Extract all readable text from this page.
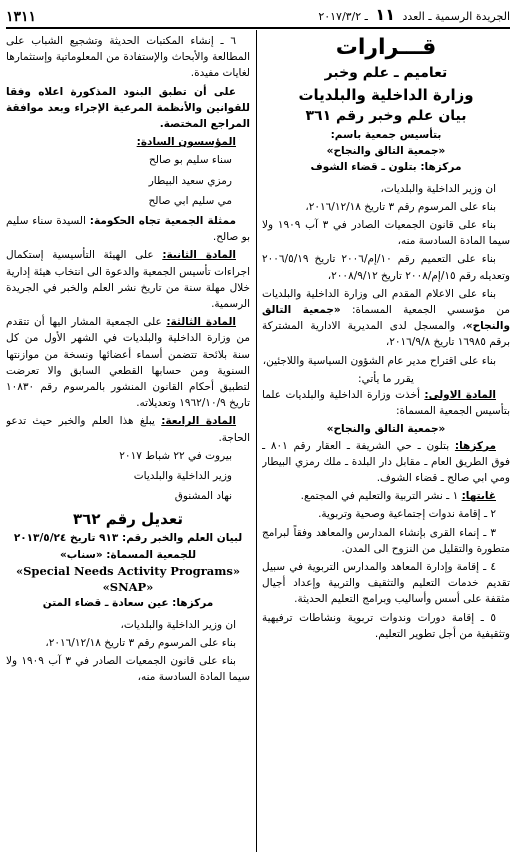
الجريدة الرسمية ـ العدد ١١ ـ ٢٠١٧/٣/٢
١٣١١
قـــرارات
تعاميم ـ علم وخبر
وزارة الداخلية والبلديات
بيان علم وخبر رقم ٣٦١
بتأسيس جمعية باسم:
«جمعية التالق والنجاح»
مركزها: بتلون ـ قضاء الشوف

ان وزير الداخلية والبلديات،

بناء على المرسوم رقم ٣ تاريخ ٢٠١٦/١٢/١٨،

بناء على قانون الجمعيات الصادر في ٣ آب ١٩٠٩ ولا سيما المادة السادسة منه،

بناء على التعميم رقم ١٠/إم/٢٠٠٦ تاريخ ٢٠٠٦/٥/١٩ وتعديله رقم ١٥/إم/٢٠٠٨ تاريخ ٢٠٠٨/٩/١٢،

بناء على الاعلام المقدم الى وزارة الداخلية والبلديات من مؤسسي الجمعية المسماة: «جمعية التالق والنجاح»، والمسجل لدى المديرية الادارية المشتركة برقم ١٦٩٨٥ تاريخ ٢٠١٦/٩/٨،

بناء على اقتراح مدير عام الشؤون السياسية واللاجئين،

يقرر ما يأتي:

المادة الاولى: أخذت وزارة الداخلية والبلديات علما بتأسيس الجمعية المسماة:

«جمعية التالق والنجاح»

مركزها: بتلون ـ حي الشريفة ـ العقار رقم ٨٠١ ـ فوق الطريق العام ـ مقابل دار البلدة ـ ملك رمزي البيطار ومي ابي صالح ـ قضاء الشوف.

غايتها: ١ ـ نشر التربية والتعليم في المجتمع.

٢ ـ إقامة ندوات إجتماعية وصحية وتربوية.

٣ ـ إنماء القرى بإنشاء المدارس والمعاهد وفقاً لبرامج متطورة والتقليل من النزوح الى المدن.

٤ ـ إقامة وإدارة المعاهد والمدارس التربوية في سبيل تقديم خدمات التعليم والتثقيف والتربية وإعداد أجيال مثقفة على أسس وأساليب وبرامج التعليم الحديثة.

٥ ـ إقامة دورات وندوات تربوية ونشاطات ترفيهية وتثقيفية من أجل تطوير التعليم.

٦ ـ إنشاء المكتبات الحديثة وتشجيع الشباب على المطالعة والأبحاث والإستفادة من المعلوماتية وإستثمارها لغايات مفيدة.

على أن تطبق البنود المذكورة اعلاه وفقا للقوانين والأنظمة المرعية الإجراء وبعد موافقة المراجع المختصة.

المؤسسون السادة:

سناء سليم بو صالح

رمزي سعيد البيطار

مي سليم ابي صالح

ممثلة الجمعية تجاه الحكومة: السيدة سناء سليم بو صالح.

المادة الثانية: على الهيئة التأسيسية إستكمال اجراءات تأسيس الجمعية والدعوة الى انتخاب هيئة إدارية خلال مهلة سنة من تاريخ نشر العلم والخبر في الجريدة الرسمية.

المادة الثالثة: على الجمعية المشار اليها أن تتقدم من وزارة الداخلية والبلديات في الشهر الأول من كل سنة بلائحة تتضمن أسماء أعضائها ونسخة من موازنتها السنوية ومن حسابها القطعي السابق والا تعرضت لتطبيق أحكام القانون المنشور بالمرسوم رقم ١٠٨٣٠ تاريخ ١٩٦٢/١٠/٩ وتعديلاته.

المادة الرابعة: يبلغ هذا العلم والخبر حيث تدعو الحاجة.

بيروت في ٢٢ شباط ٢٠١٧

وزير الداخلية والبلديات

نهاد المشنوق

تعديل رقم ٣٦٢
لبيان العلم والخبر رقم: ٩١٣ تاريخ ٢٠١٣/٥/٢٤
للجمعية المسماة: «سناب»
«Special Needs Activity Programs»
«SNAP»
مركزها: عين سعادة ـ قضاء المتن

ان وزير الداخلية والبلديات،

بناء على المرسوم رقم ٣ تاريخ ٢٠١٦/١٢/١٨،

بناء على قانون الجمعيات الصادر في ٣ آب ١٩٠٩ ولا سيما المادة السادسة منه،
